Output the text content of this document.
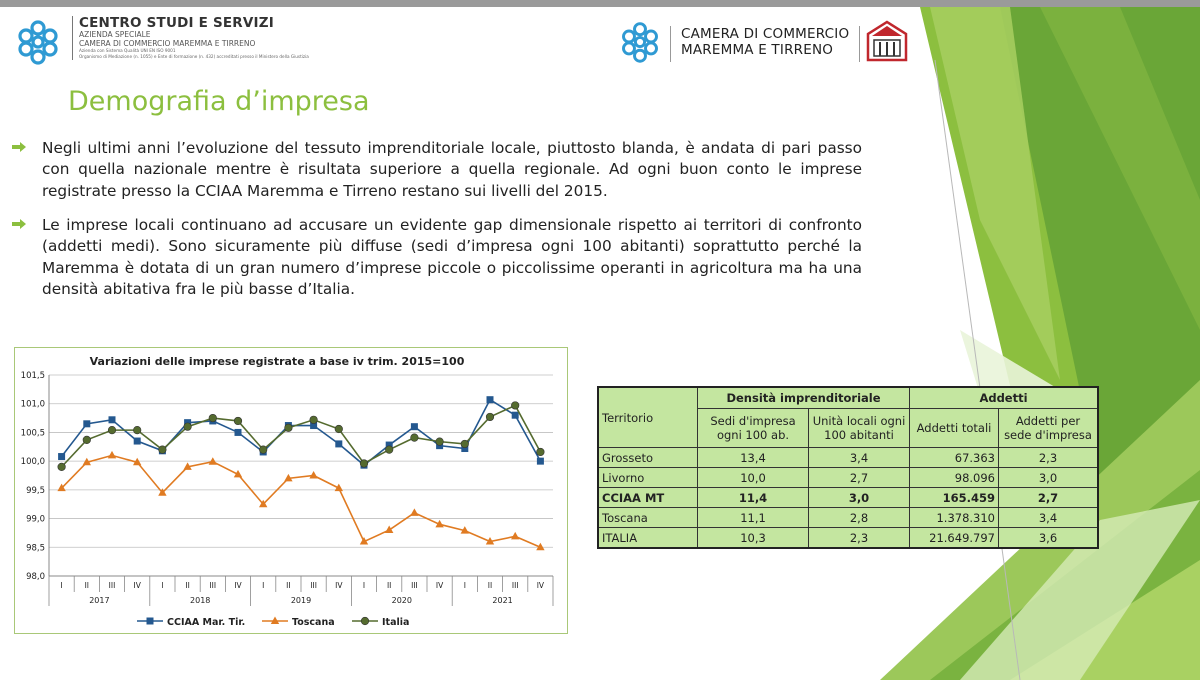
CENTRO STUDI E SERVIZI
AZIENDA SPECIALE
CAMERA DI COMMERCIO MAREMMA E TIRRENO
Azienda con Sistema Qualità UNI EN ISO 9001
Organismo di Mediazione (n. 1055) e Ente di formazione (n. 432) accreditati presso il Ministero della Giustizia
CAMERA DI COMMERCIO
MAREMMA E TIRRENO
Demografia d’impresa
Negli ultimi anni l’evoluzione del tessuto imprenditoriale locale, piuttosto blanda, è andata di pari passo con quella nazionale mentre è risultata superiore a quella regionale. Ad ogni buon conto le imprese registrate presso la CCIAA Maremma e Tirreno restano sui livelli del 2015.
Le imprese locali continuano ad accusare un evidente gap dimensionale rispetto ai territori di confronto (addetti medi). Sono sicuramente più diffuse (sedi d’impresa ogni 100 abitanti) soprattutto perché la Maremma è dotata di un gran numero d’imprese piccole o piccolissime operanti in agricoltura ma ha una densità abitativa fra le più basse d’Italia.
Variazioni delle imprese registrate a base iv trim. 2015=100
98,0
98,5
99,0
99,5
100,0
100,5
101,0
101,5
I	II	III IV	I	II	III IV	I	II	III IV	I	II	III IV	I	II	III IV
2017	2018	2019	2020	2021
CCIAA Mar. Tir.	Toscana	Italia
Territorio	Densità imprenditoriale		Addetti	
	Sedi d'impresa ogni 100 ab.	Unità locali ogni 100 abitanti	Addetti totali	Addetti per sede d'impresa
Grosseto	13,4	3,4	67.363	2,3
Livorno	10,0	2,7	98.096	3,0
CCIAA MT	11,4	3,0	165.459	2,7
Toscana	11,1	2,8	1.378.310	3,4
ITALIA	10,3	2,3	21.649.797	3,6
